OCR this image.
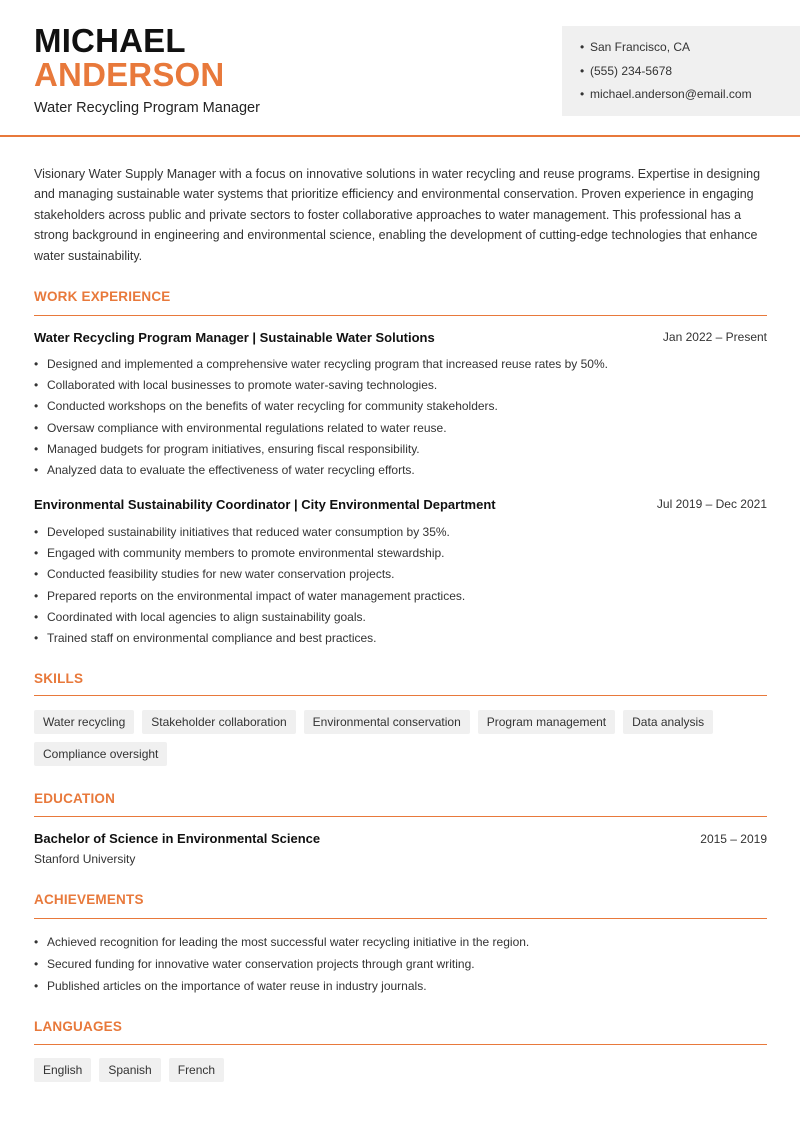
MICHAEL
ANDERSON
Water Recycling Program Manager
• San Francisco, CA
• (555) 234-5678
• michael.anderson@email.com

Visionary Water Supply Manager with a focus on innovative solutions in water recycling and reuse programs. Expertise in designing and managing sustainable water systems that prioritize efficiency and environmental conservation. Proven experience in engaging stakeholders across public and private sectors to foster collaborative approaches to water management. This professional has a strong background in engineering and environmental science, enabling the development of cutting-edge technologies that enhance water sustainability.

WORK EXPERIENCE
Water Recycling Program Manager | Sustainable Water Solutions	Jan 2022 – Present
• Designed and implemented a comprehensive water recycling program that increased reuse rates by 50%.
• Collaborated with local businesses to promote water-saving technologies.
• Conducted workshops on the benefits of water recycling for community stakeholders.
• Oversaw compliance with environmental regulations related to water reuse.
• Managed budgets for program initiatives, ensuring fiscal responsibility.
• Analyzed data to evaluate the effectiveness of water recycling efforts.
Environmental Sustainability Coordinator | City Environmental Department	Jul 2019 – Dec 2021
• Developed sustainability initiatives that reduced water consumption by 35%.
• Engaged with community members to promote environmental stewardship.
• Conducted feasibility studies for new water conservation projects.
• Prepared reports on the environmental impact of water management practices.
• Coordinated with local agencies to align sustainability goals.
• Trained staff on environmental compliance and best practices.
SKILLS
Water recycling	Stakeholder collaboration	Environmental conservation	Program management	Data analysis
Compliance oversight
EDUCATION
Bachelor of Science in Environmental Science	2015 – 2019
Stanford University
ACHIEVEMENTS
• Achieved recognition for leading the most successful water recycling initiative in the region.
• Secured funding for innovative water conservation projects through grant writing.
• Published articles on the importance of water reuse in industry journals.
LANGUAGES
English	Spanish	French
